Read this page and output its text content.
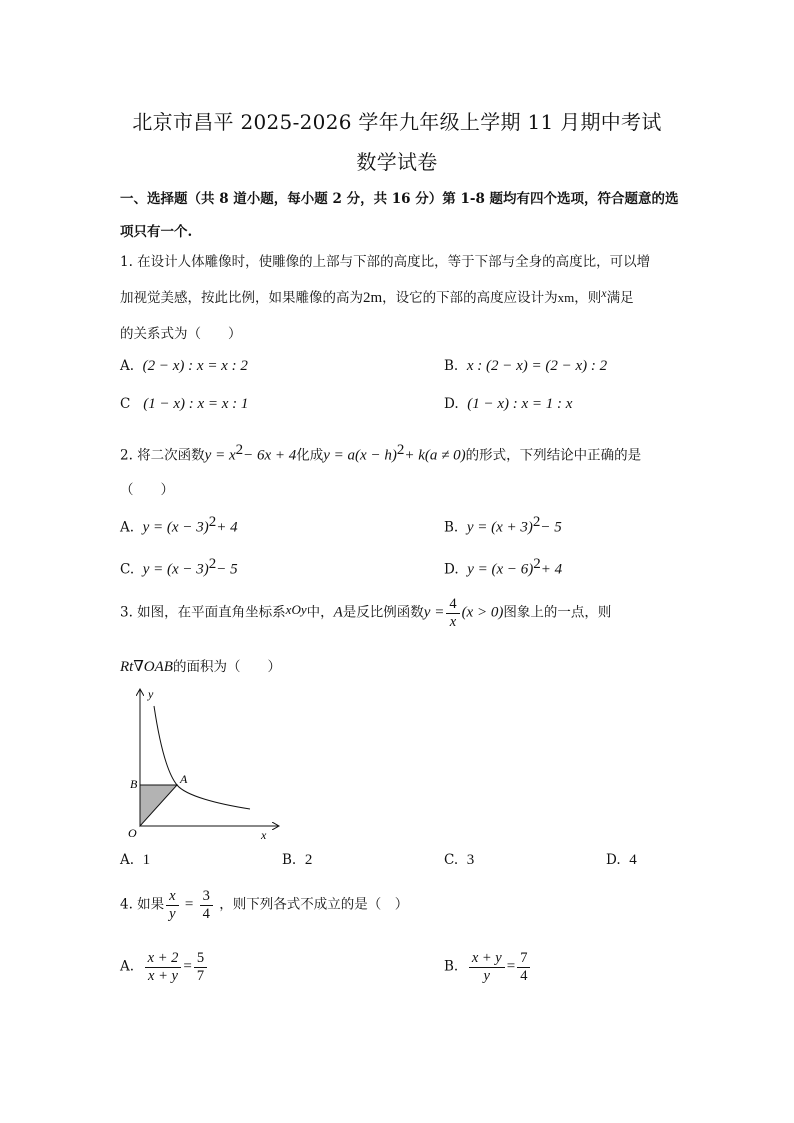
北京市昌平 2025-2026 学年九年级上学期 11 月期中考试
数学试卷
一、选择题（共 8 道小题，每小题 2 分，共 16 分）第 1-8 题均有四个选项，符合题意的选
项只有一个.
1. 在设计人体雕像时，使雕像的上部与下部的高度比，等于下部与全身的高度比，可以增
加视觉美感，按此比例，如果雕像的高为2m，设它的下部的高度应设计为xm，则x满足
的关系式为（　　）
A. (2 − x) : x = x : 2	B. x : (2 − x) = (2 − x) : 2
C (1 − x) : x = x : 1	D. (1 − x) : x = 1 : x
2. 将二次函数$y = x^2- 6x + 4$化成$y = a(x - h)^2+ k(a \ne 0)$的形式，下列结论中正确的是
（　　）
A. $y = (x - 3)^2+ 4$	B. $y = (x + 3)^2- 5$
C. $y = (x - 3)^2- 5$	D. $y = (x - 6)^2+ 4$
3. 如图，在平面直角坐标系xOy中，A是反比例函数$y = \frac{4}{x} (x > 0)$图象上的一点，则
Rt∇OAB的面积为（　　）
y
x
O
B	A
A. 1	B. 2	C. 3	D. 4
4. 如果 $\frac{x}{y} = \frac{3}{4}$ ，则下列各式不成立的是（　）
A. $\frac{x + 2}{x + y} = \frac{5}{7}$	B. $\frac{x + y}{y} = \frac{7}{4}$
